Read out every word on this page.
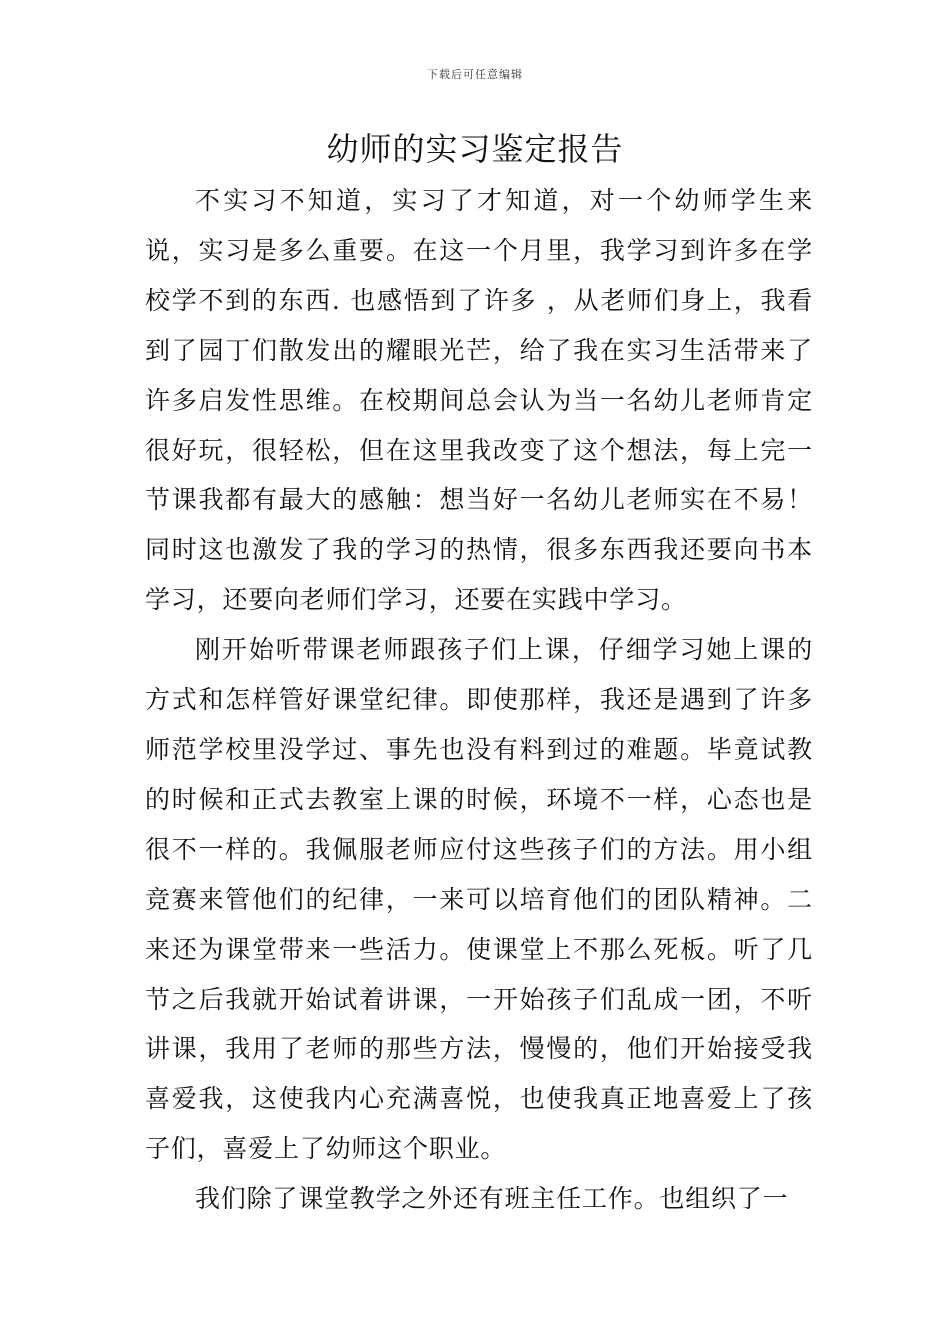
下载后可任意编辑
幼师的实习鉴定报告

不实习不知道，实习了才知道，对一个幼师学生来说，实习是多么重要。在这一个月里，我学习到许多在学校学不到的东西. 也感悟到了许多 ，从老师们身上，我看到了园丁们散发出的耀眼光芒，给了我在实习生活带来了许多启发性思维。在校期间总会认为当一名幼儿老师肯定很好玩，很轻松，但在这里我改变了这个想法，每上完一节课我都有最大的感触：想当好一名幼儿老师实在不易！同时这也激发了我的学习的热情，很多东西我还要向书本学习，还要向老师们学习，还要在实践中学习。

刚开始听带课老师跟孩子们上课，仔细学习她上课的方式和怎样管好课堂纪律。即使那样，我还是遇到了许多师范学校里没学过、事先也没有料到过的难题。毕竟试教的时候和正式去教室上课的时候，环境不一样，心态也是很不一样的。我佩服老师应付这些孩子们的方法。用小组竞赛来管他们的纪律，一来可以培育他们的团队精神。二来还为课堂带来一些活力。使课堂上不那么死板。听了几节之后我就开始试着讲课，一开始孩子们乱成一团，不听讲课，我用了老师的那些方法，慢慢的，他们开始接受我喜爱我，这使我内心充满喜悦，也使我真正地喜爱上了孩子们，喜爱上了幼师这个职业。

我们除了课堂教学之外还有班主任工作。也组织了一
